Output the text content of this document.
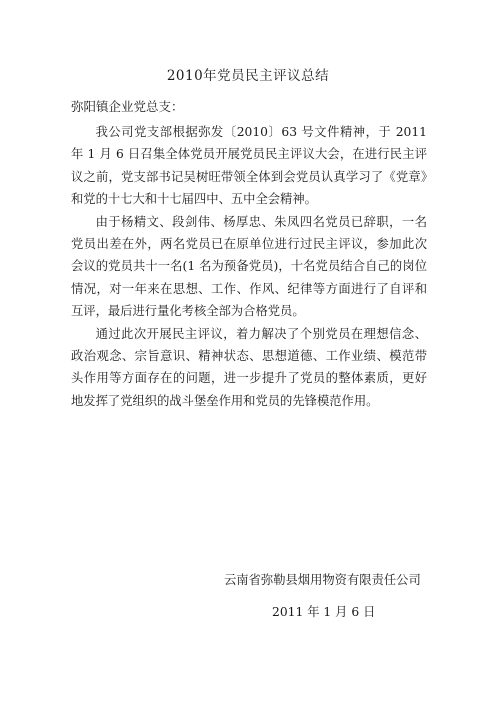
2010年党员民主评议总结
弥阳镇企业党总支：

我公司党支部根据弥发〔2010〕63 号文件精神，于 2011 年 1 月 6 日召集全体党员开展党员民主评议大会，在进行民主评议之前，党支部书记吴树旺带领全体到会党员认真学习了《党章》和党的十七大和十七届四中、五中全会精神。

由于杨精文、段剑伟、杨厚忠、朱凤四名党员已辞职，一名党员出差在外，两名党员已在原单位进行过民主评议，参加此次会议的党员共十一名(1 名为预备党员)，十名党员结合自己的岗位情况，对一年来在思想、工作、作风、纪律等方面进行了自评和互评，最后进行量化考核全部为合格党员。

通过此次开展民主评议，着力解决了个别党员在理想信念、政治观念、宗旨意识、精神状态、思想道德、工作业绩、模范带头作用等方面存在的问题，进一步提升了党员的整体素质，更好地发挥了党组织的战斗堡垒作用和党员的先锋模范作用。

云南省弥勒县烟用物资有限责任公司
2011 年 1 月 6 日
